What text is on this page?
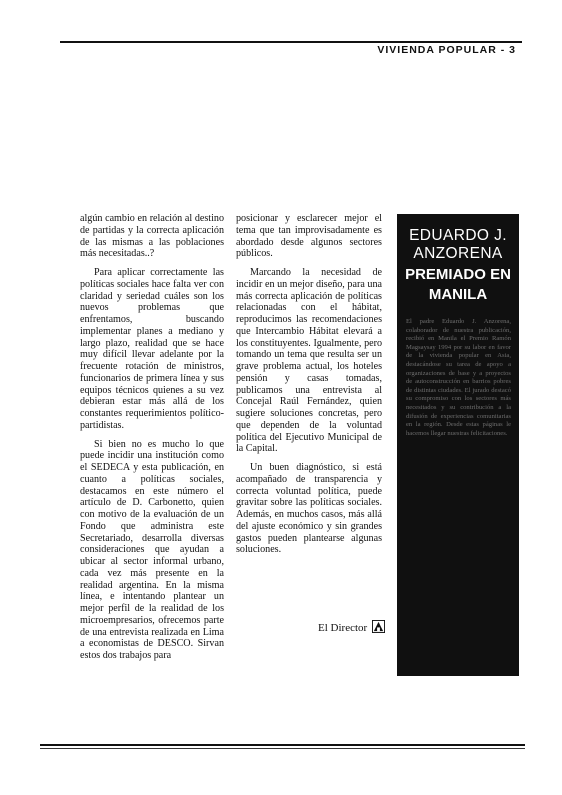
VIVIENDA POPULAR - 3

algún cambio en relación al destino de partidas y la correcta aplicación de las mismas a las poblaciones más necesitadas..?

Para aplicar correctamente las políticas sociales hace falta ver con claridad y seriedad cuáles son los nuevos problemas que enfrentamos, buscando implementar planes a mediano y largo plazo, realidad que se hace muy difícil llevar adelante por la frecuente rotación de ministros, funcionarios de primera línea y sus equipos técnicos quienes a su vez debieran estar más allá de los constantes requerimientos político-partidistas.

Si bien no es mucho lo que puede incidir una institución como el SEDECA y esta publicación, en cuanto a políticas sociales, destacamos en este número el artículo de D. Carbonetto, quien con motivo de la evaluación de un Fondo que administra este Secretariado, desarrolla diversas consideraciones que ayudan a ubicar al sector informal urbano, cada vez más presente en la realidad argentina. En la misma línea, e intentando plantear un mejor perfil de la realidad de los microempresarios, ofrecemos parte de una entrevista realizada en Lima a economistas de DESCO. Sirvan estos dos trabajos para

posicionar y esclarecer mejor el tema que tan improvisadamente es abordado desde algunos sectores públicos.

Marcando la necesidad de incidir en un mejor diseño, para una más correcta aplicación de políticas relacionadas con el hábitat, reproducimos las recomendaciones que Intercambio Hábitat elevará a los constituyentes. Igualmente, pero tomando un tema que resulta ser un grave problema actual, los hoteles pensión y casas tomadas, publicamos una entrevista al Concejal Raúl Fernández, quien sugiere soluciones concretas, pero que dependen de la voluntad política del Ejecutivo Municipal de la Capital.

Un buen diagnóstico, si está acompañado de transparencia y correcta voluntad política, puede gravitar sobre las políticas sociales. Además, en muchos casos, más allá del ajuste económico y sin grandes gastos pueden plantearse algunas soluciones.

El Director
EDUARDO J.
ANZORENA
PREMIADO EN
MANILA
El padre Eduardo J. Anzorena, colaborador de nuestra publicación, recibió en Manila el Premio Ramón Magsaysay 1994 por su labor en favor de la vivienda popular en Asia, destacándose su tarea de apoyo a organizaciones de base y a proyectos de autoconstrucción en barrios pobres de distintas ciudades. El jurado destacó su compromiso con los sectores más necesitados y su contribución a la difusión de experiencias comunitarias en la región. Desde estas páginas le hacemos llegar nuestras felicitaciones.
